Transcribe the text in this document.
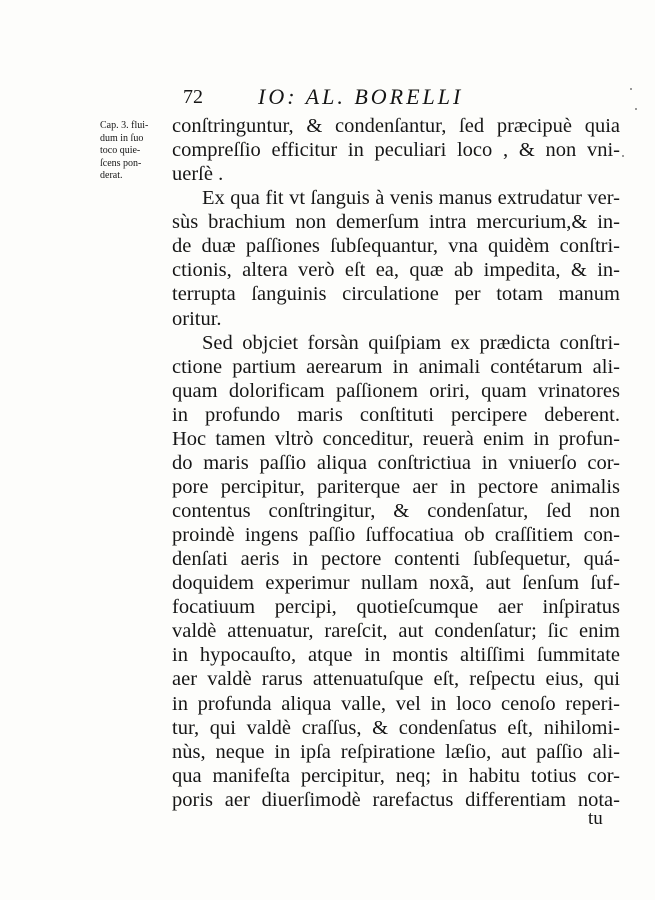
72	IO: AL. BORELLI
Cap. 3. flui-
dum in ſuo
toco quie-
ſcens pon-
derat.
conſtringuntur, & condenſantur, ſed præcipuè quia
compreſſio efficitur in peculiari loco , & non vni-
uerſè .
Ex qua fit vt ſanguis à venis manus extrudatur ver-
sùs brachium non demerſum intra mercurium,& in-
de duæ paſſiones ſubſequantur, vna quidèm conſtri-
ctionis, altera verò eſt ea, quæ ab impedita, & in-
terrupta ſanguinis circulatione per totam manum
oritur.
Sed objciet forsàn quiſpiam ex prædicta conſtri-
ctione partium aerearum in animali contétarum ali-
quam dolorificam paſſionem oriri, quam vrinatores
in profundo maris conſtituti percipere deberent.
Hoc tamen vltrò conceditur, reuerà enim in profun-
do maris paſſio aliqua conſtrictiua in vniuerſo cor-
pore percipitur, pariterque aer in pectore animalis
contentus conſtringitur, & condenſatur, ſed non
proindè ingens paſſio ſuffocatiua ob craſſitiem con-
denſati aeris in pectore contenti ſubſequetur, quá-
doquidem experimur nullam noxã, aut ſenſum ſuf-
focatiuum percipi, quotieſcumque aer inſpiratus
valdè attenuatur, rareſcit, aut condenſatur; ſic enim
in hypocauſto, atque in montis altiſſimi ſummitate
aer valdè rarus attenuatuſque eſt, reſpectu eius, qui
in profunda aliqua valle, vel in loco cenoſo reperi-
tur, qui valdè craſſus, & condenſatus eſt, nihilomi-
nùs, neque in ipſa reſpiratione læſio, aut paſſio ali-
qua manifeſta percipitur, neq; in habitu totius cor-
poris aer diuerſimodè rarefactus differentiam nota-
tu
